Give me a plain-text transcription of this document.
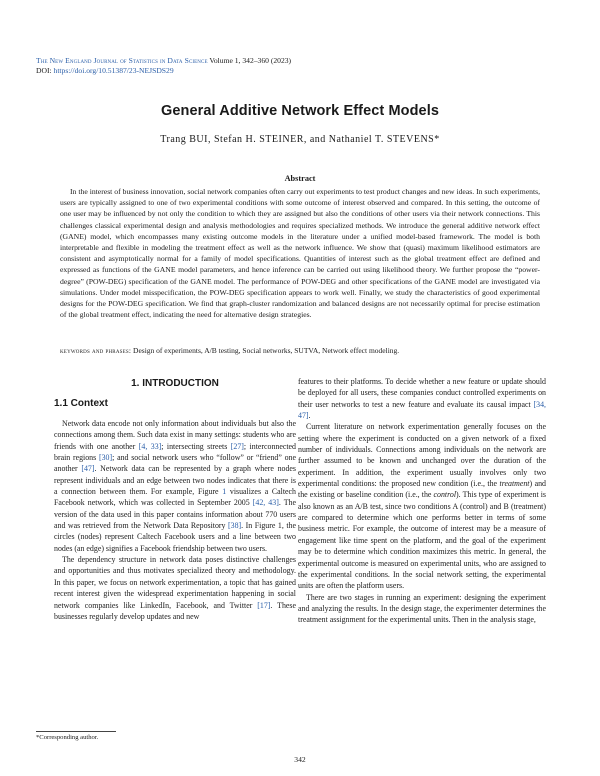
The New England Journal of Statistics in Data Science Volume 1, 342–360 (2023)
DOI: https://doi.org/10.51387/23-NEJSDS29
General Additive Network Effect Models
Trang BUI, Stefan H. STEINER, and Nathaniel T. STEVENS*
Abstract

In the interest of business innovation, social network companies often carry out experiments to test product changes and new ideas. In such experiments, users are typically assigned to one of two experimental conditions with some outcome of interest observed and compared. In this setting, the outcome of one user may be influenced by not only the condition to which they are assigned but also the conditions of other users via their network connections. This challenges classical experimental design and analysis methodologies and requires specialized methods. We introduce the general additive network effect (GANE) model, which encompasses many existing outcome models in the literature under a unified model-based framework. The model is both interpretable and flexible in modeling the treatment effect as well as the network influence. We show that (quasi) maximum likelihood estimators are consistent and asymptotically normal for a family of model specifications. Quantities of interest such as the global treatment effect are defined and expressed as functions of the GANE model parameters, and hence inference can be carried out using likelihood theory. We further propose the “power-degree” (POW-DEG) specification of the GANE model. The performance of POW-DEG and other specifications of the GANE model are investigated via simulations. Under model misspecification, the POW-DEG specification appears to work well. Finally, we study the characteristics of good experimental designs for the POW-DEG specification. We find that graph-cluster randomization and balanced designs are not necessarily optimal for precise estimation of the global treatment effect, indicating the need for alternative design strategies.

keywords and phrases: Design of experiments, A/B testing, Social networks, SUTVA, Network effect modeling.
1. INTRODUCTION
1.1 Context

Network data encode not only information about individuals but also the connections among them. Such data exist in many settings: students who are friends with one another [4, 33]; intersecting streets [27]; interconnected brain regions [30]; and social network users who “follow” or “friend” one another [47]. Network data can be represented by a graph where nodes represent individuals and an edge between two nodes indicates that there is a connection between them. For example, Figure 1 visualizes a Caltech Facebook network, which was collected in September 2005 [42, 43]. The version of the data used in this paper contains information about 770 users and was retrieved from the Network Data Repository [38]. In Figure 1, the circles (nodes) represent Caltech Facebook users and a line between two nodes (an edge) signifies a Facebook friendship between two users.

The dependency structure in network data poses distinctive challenges and opportunities and thus motivates specialized theory and methodology. In this paper, we focus on network experimentation, a topic that has gained recent interest given the widespread experimentation happening in social network companies like LinkedIn, Facebook, and Twitter [17]. These businesses regularly develop updates and new

features to their platforms. To decide whether a new feature or update should be deployed for all users, these companies conduct controlled experiments on their user networks to test a new feature and evaluate its causal impact [34, 47].

Current literature on network experimentation generally focuses on the setting where the experiment is conducted on a given network of a fixed number of individuals. Connections among individuals on the network are further assumed to be known and unchanged over the duration of the experiment. In addition, the experiment usually involves only two experimental conditions: the proposed new condition (i.e., the treatment) and the existing or baseline condition (i.e., the control). This type of experiment is also known as an A/B test, since two conditions A (control) and B (treatment) are compared to determine which one performs better in terms of some business metric. For example, the outcome of interest may be a measure of engagement like time spent on the platform, and the goal of the experiment may be to determine which condition maximizes this metric. In general, the experimental outcome is measured on experimental units, who are assigned to the experimental conditions. In the social network setting, the experimental units are often the platform users.

There are two stages in running an experiment: designing the experiment and analyzing the results. In the design stage, the experimenter determines the treatment assignment for the experimental units. Then in the analysis stage,

*Corresponding author.
342
